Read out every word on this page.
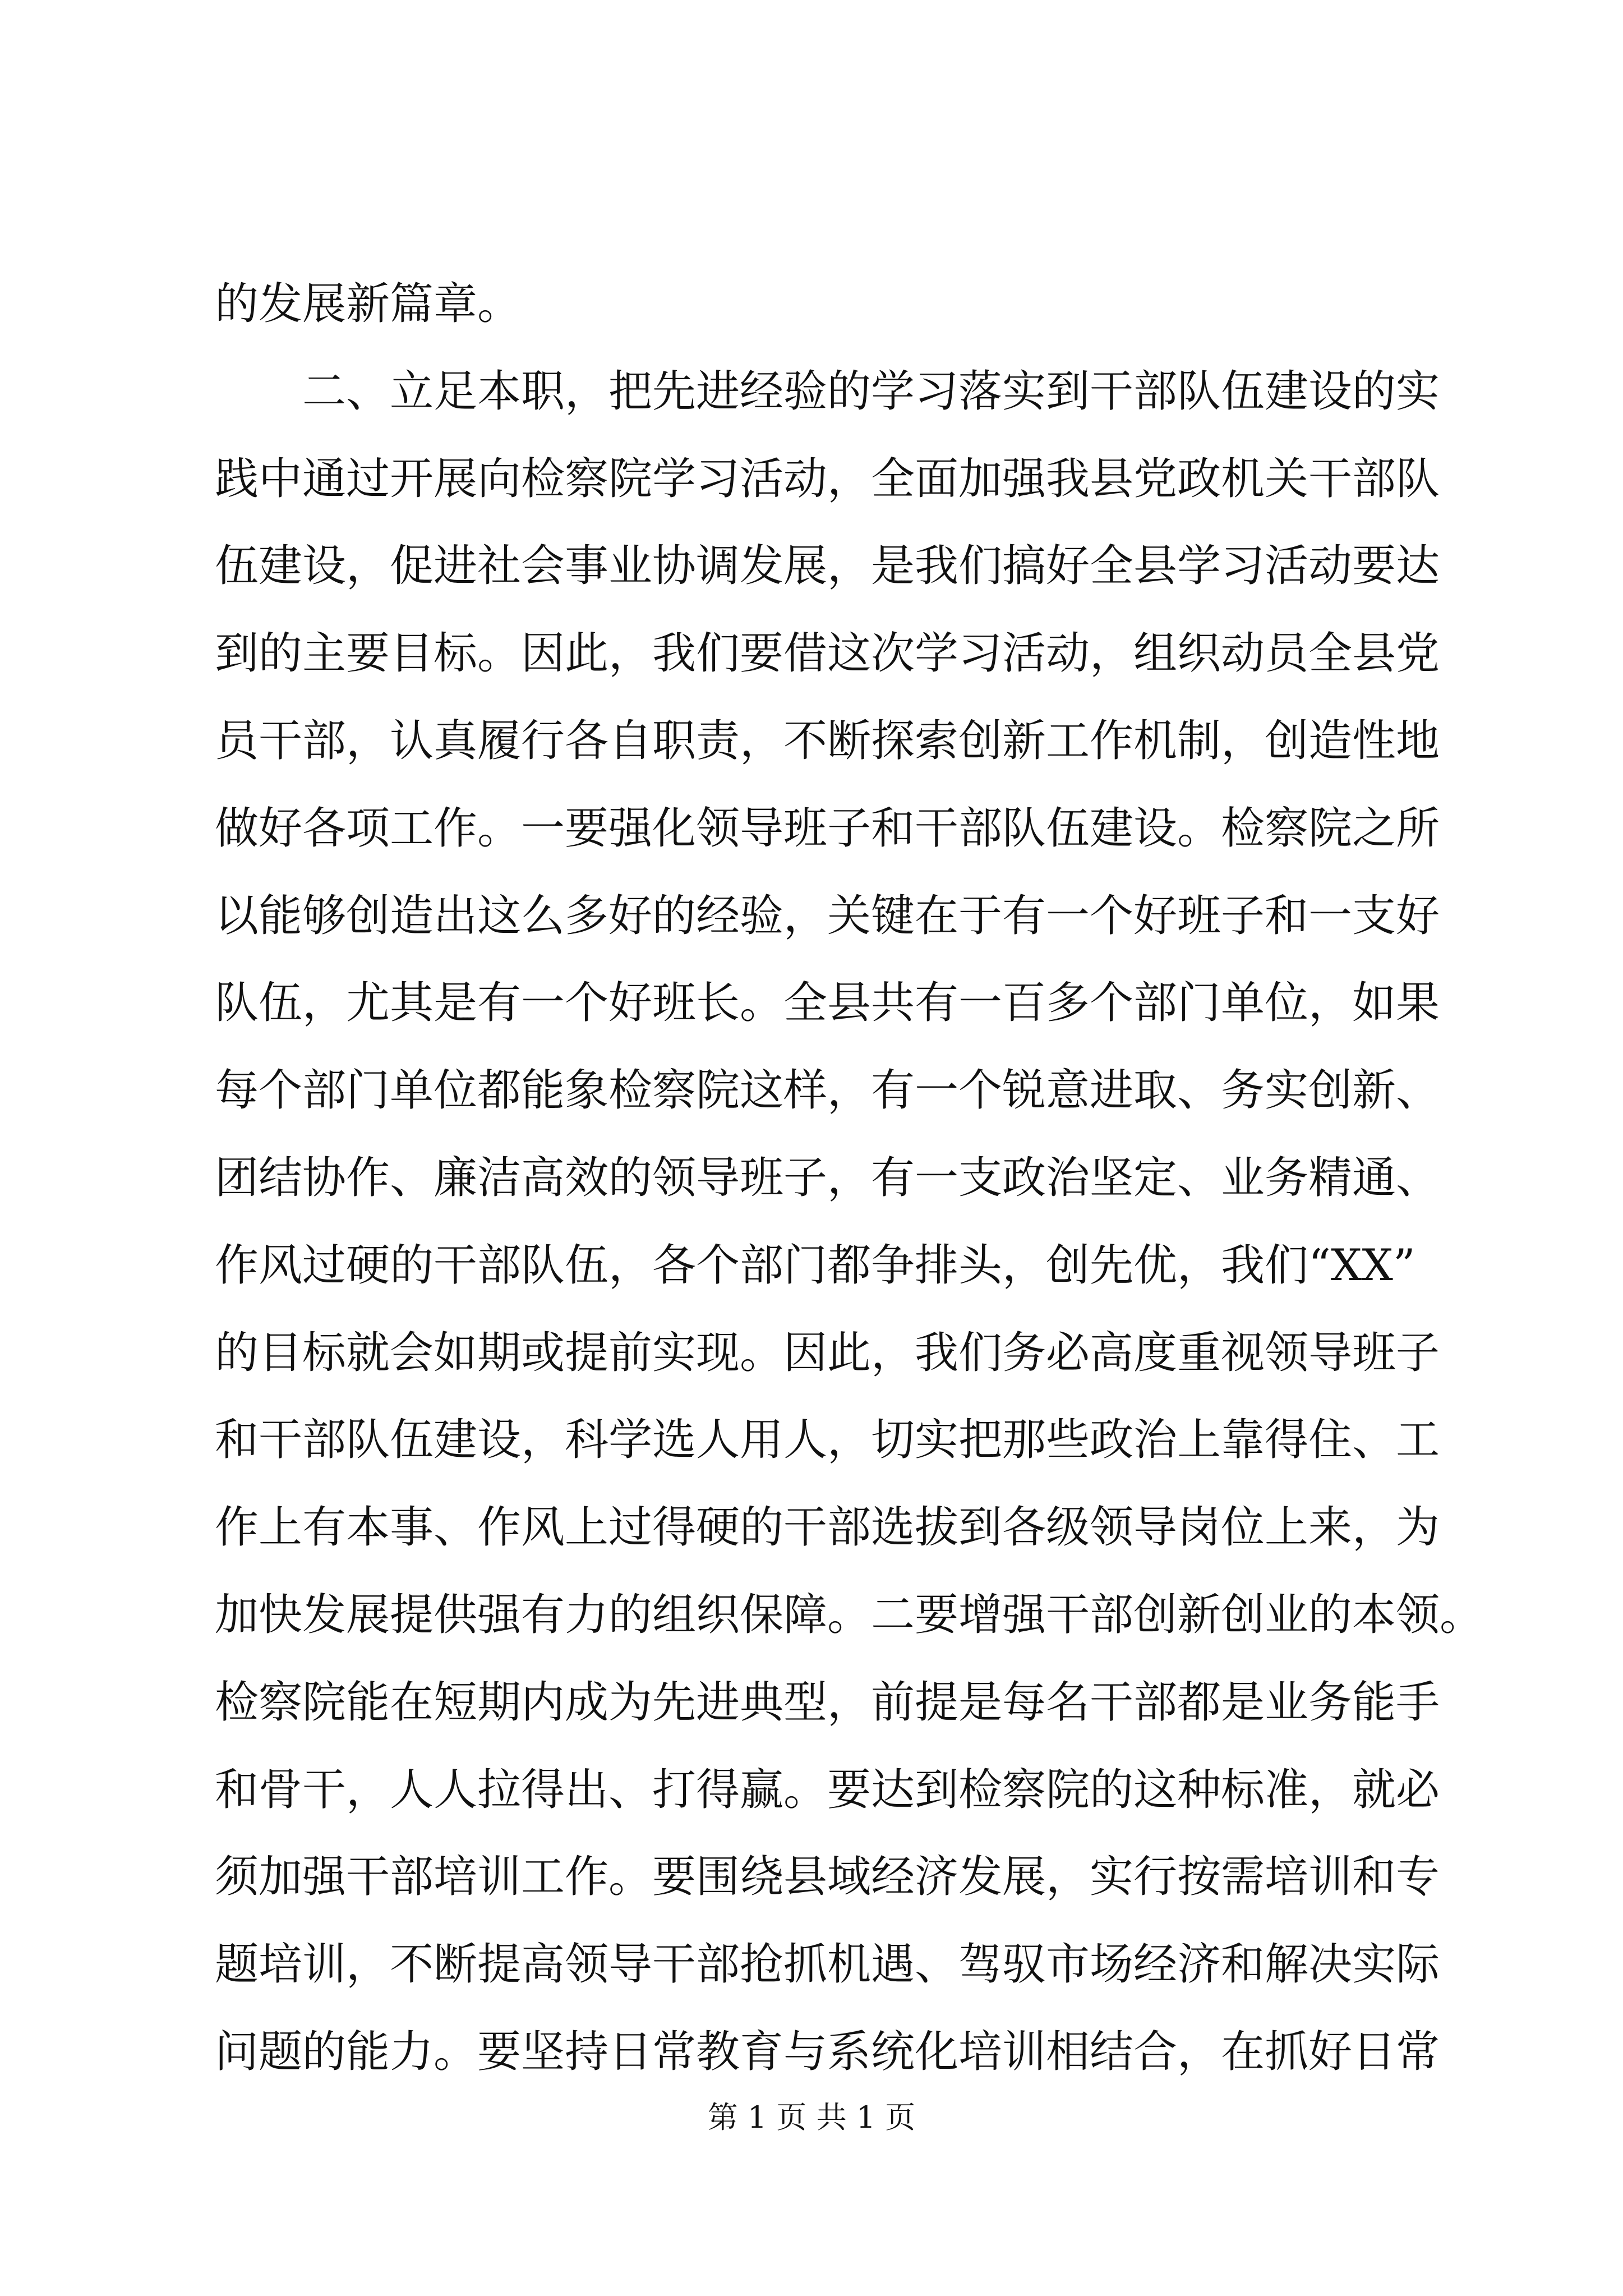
的发展新篇章。
　　二、立足本职，把先进经验的学习落实到干部队伍建设的实
践中通过开展向检察院学习活动，全面加强我县党政机关干部队
伍建设，促进社会事业协调发展，是我们搞好全县学习活动要达
到的主要目标。因此，我们要借这次学习活动，组织动员全县党
员干部，认真履行各自职责，不断探索创新工作机制，创造性地
做好各项工作。一要强化领导班子和干部队伍建设。检察院之所
以能够创造出这么多好的经验，关键在于有一个好班子和一支好
队伍，尤其是有一个好班长。全县共有一百多个部门单位，如果
每个部门单位都能象检察院这样，有一个锐意进取、务实创新、
团结协作、廉洁高效的领导班子，有一支政治坚定、业务精通、
作风过硬的干部队伍，各个部门都争排头，创先优，我们“XX”
的目标就会如期或提前实现。因此，我们务必高度重视领导班子
和干部队伍建设，科学选人用人，切实把那些政治上靠得住、工
作上有本事、作风上过得硬的干部选拔到各级领导岗位上来，为
加快发展提供强有力的组织保障。二要增强干部创新创业的本领。
检察院能在短期内成为先进典型，前提是每名干部都是业务能手
和骨干，人人拉得出、打得赢。要达到检察院的这种标准，就必
须加强干部培训工作。要围绕县域经济发展，实行按需培训和专
题培训，不断提高领导干部抢抓机遇、驾驭市场经济和解决实际
问题的能力。要坚持日常教育与系统化培训相结合，在抓好日常
第 1 页 共 1 页
